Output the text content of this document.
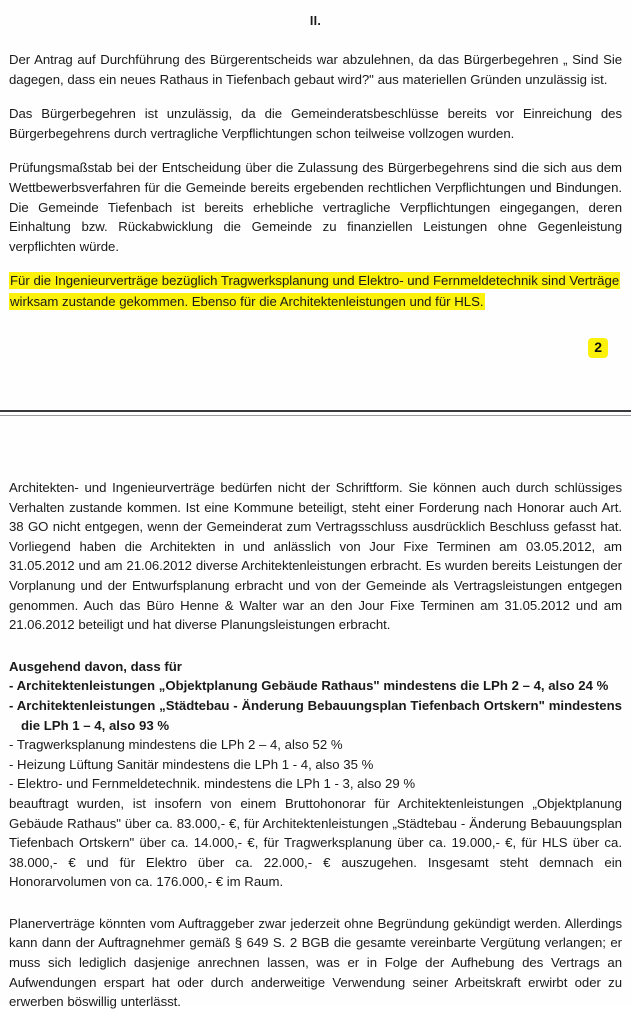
II.

Der Antrag auf Durchführung des Bürgerentscheids war abzulehnen, da das Bürgerbegehren „ Sind Sie dagegen, dass ein neues Rathaus in Tiefenbach gebaut wird?" aus materiellen Gründen unzulässig ist.

Das Bürgerbegehren ist unzulässig, da die Gemeinderatsbeschlüsse bereits vor Einreichung des Bürgerbegehrens durch vertragliche Verpflichtungen schon teilweise vollzogen wurden.

Prüfungsmaßstab bei der Entscheidung über die Zulassung des Bürgerbegehrens sind die sich aus dem Wettbewerbsverfahren für die Gemeinde bereits ergebenden rechtlichen Verpflichtungen und Bindungen. Die Gemeinde Tiefenbach ist bereits erhebliche vertragliche Verpflichtungen eingegangen, deren Einhaltung bzw. Rückabwicklung die Gemeinde zu finanziellen Leistungen ohne Gegenleistung verpflichten würde.

Für die Ingenieurverträge bezüglich Tragwerksplanung und Elektro- und Fernmeldetechnik sind Verträge wirksam zustande gekommen. Ebenso für die Architektenleistungen und für HLS.

2

Architekten- und Ingenieurverträge bedürfen nicht der Schriftform. Sie können auch durch schlüssiges Verhalten zustande kommen. Ist eine Kommune beteiligt, steht einer Forderung nach Honorar auch Art. 38 GO nicht entgegen, wenn der Gemeinderat zum Vertragsschluss ausdrücklich Beschluss gefasst hat. Vorliegend haben die Architekten in und anlässlich von Jour Fixe Terminen am 03.05.2012, am 31.05.2012 und am 21.06.2012 diverse Architektenleistungen erbracht. Es wurden bereits Leistungen der Vorplanung und der Entwurfsplanung erbracht und von der Gemeinde als Vertragsleistungen entgegen genommen. Auch das Büro Henne & Walter war an den Jour Fixe Terminen am 31.05.2012 und am 21.06.2012 beteiligt und hat diverse Planungsleistungen erbracht.

Ausgehend davon, dass für

- Architektenleistungen „Objektplanung Gebäude Rathaus" mindestens die LPh 2 – 4, also 24 %
- Architektenleistungen „Städtebau - Änderung Bebauungsplan Tiefenbach Ortskern" mindestens die LPh 1 – 4, also 93 %
- Tragwerksplanung mindestens die LPh 2 – 4, also 52 %
- Heizung Lüftung Sanitär mindestens die LPh 1 - 4, also 35 %
- Elektro- und Fernmeldetechnik. mindestens die LPh 1 - 3, also 29 %

beauftragt wurden, ist insofern von einem Bruttohonorar für Architektenleistungen „Objektplanung Gebäude Rathaus" über ca. 83.000,- €, für Architektenleistungen „Städtebau - Änderung Bebauungsplan Tiefenbach Ortskern" über ca. 14.000,- €, für Tragwerksplanung über ca. 19.000,- €, für HLS über ca. 38.000,- € und für Elektro über ca. 22.000,- € auszugehen. Insgesamt steht demnach ein Honorarvolumen von ca. 176.000,- € im Raum.

Planerverträge könnten vom Auftraggeber zwar jederzeit ohne Begründung gekündigt werden. Allerdings kann dann der Auftragnehmer gemäß § 649 S. 2 BGB die gesamte vereinbarte Vergütung verlangen; er muss sich lediglich dasjenige anrechnen lassen, was er in Folge der Aufhebung des Vertrags an Aufwendungen erspart hat oder durch anderweitige Verwendung seiner Arbeitskraft erwirbt oder zu erwerben böswillig unterlässt.
